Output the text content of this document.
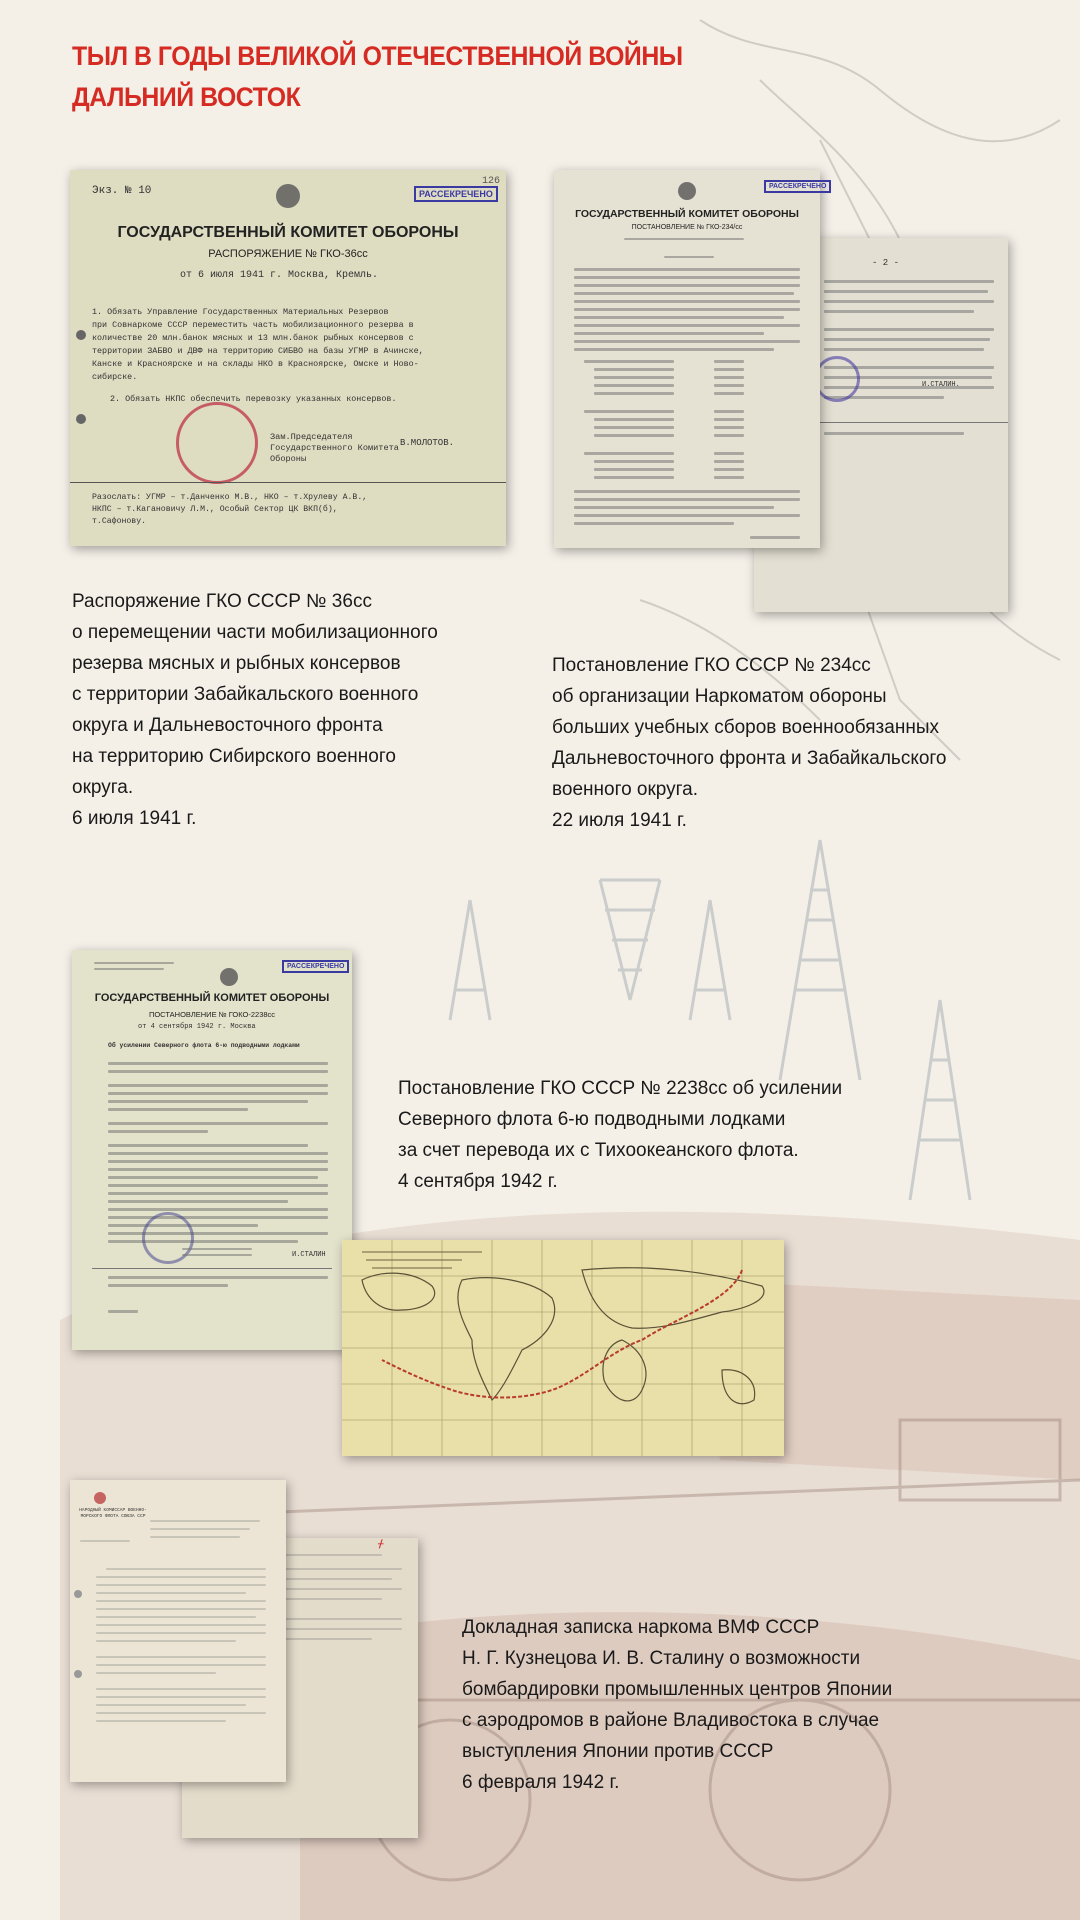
ТЫЛ В ГОДЫ ВЕЛИКОЙ ОТЕЧЕСТВЕННОЙ ВОЙНЫ
ДАЛЬНИЙ ВОСТОК
Экз. № 10
126
РАССЕКРЕЧЕНО
ГОСУДАРСТВЕННЫЙ КОМИТЕТ ОБОРОНЫ
РАСПОРЯЖЕНИЕ № ГКО-36сс
от 6 июля 1941 г. Москва, Кремль.
1. Обязать Управление Государственных Материальных Резервов
при Совнаркоме СССР переместить часть мобилизационного резерва в
количестве 20 млн.банок мясных и 13 млн.банок рыбных консервов с
территории ЗАБВО и ДВФ на территорию СИБВО на базы УГМР в Ачинске,
Канске и Красноярске и на склады НКО в Красноярске, Омске и Ново-
сибирске.
2. Обязать НКПС обеспечить перевозку указанных консервов.
Зам.Председателя Государственного Комитета Обороны
В.МОЛОТОВ.
Разослать: УГМР – т.Данченко М.В., НКО – т.Хрулеву А.В.,
НКПС – т.Кагановичу Л.М., Особый Сектор ЦК ВКП(б),
т.Сафонову.
- 2 -
И.СТАЛИН.
РАССЕКРЕЧЕНО
ГОСУДАРСТВЕННЫЙ КОМИТЕТ ОБОРОНЫ
ПОСТАНОВЛЕНИЕ № ГКО-234/сс
РАССЕКРЕЧЕНО
ГОСУДАРСТВЕННЫЙ КОМИТЕТ ОБОРОНЫ
ПОСТАНОВЛЕНИЕ № ГОКО-2238сс
от 4 сентября 1942 г. Москва
Об усилении Северного флота 6-ю подводными лодками
И.СТАЛИН
ᚋ
НАРОДНЫЙ КОМИССАР ВОЕННО-МОРСКОГО ФЛОТА СОЮЗА ССР
Распоряжение ГКО СССР № 36сс
о перемещении части мобилизационного
резерва мясных и рыбных консервов
с территории Забайкальского военного
округа и Дальневосточного фронта
на территорию Сибирского военного
округа.
6 июля 1941 г.
Постановление ГКО СССР № 234сс
об организации Наркоматом обороны
больших учебных сборов военнообязанных
Дальневосточного фронта и Забайкальского
военного округа.
22 июля 1941 г.
Постановление ГКО СССР № 2238сс об усилении
Северного флота 6-ю подводными лодками
за счет перевода их с Тихоокеанского флота.
4 сентября 1942 г.
Докладная записка наркома ВМФ СССР
Н. Г. Кузнецова И. В. Сталину о возможности
бомбардировки промышленных центров Японии
с аэродромов в районе Владивостока в случае
выступления Японии против СССР
6 февраля 1942 г.
